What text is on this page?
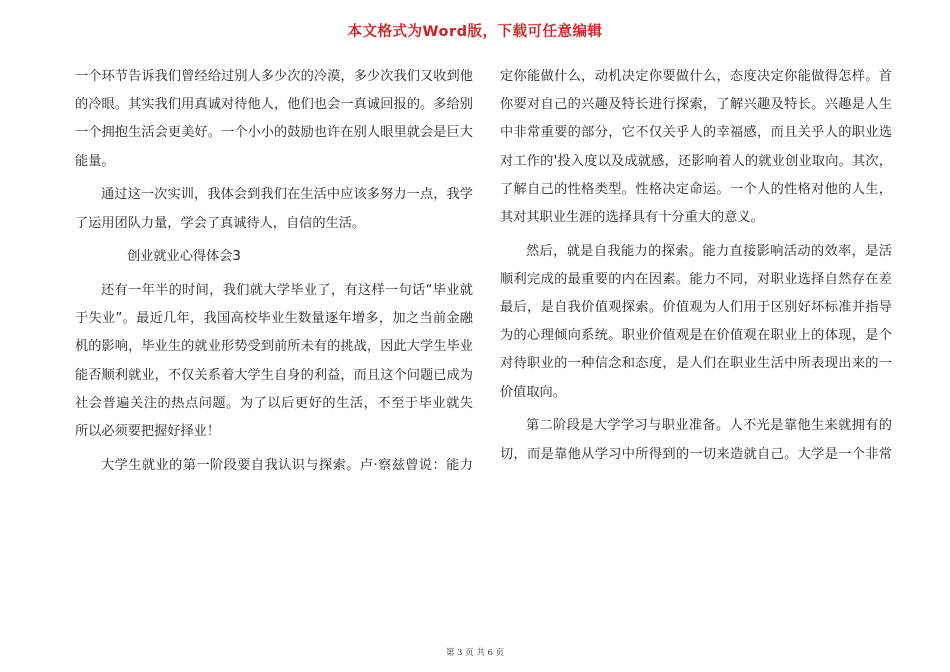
本文格式为Word版，下载可任意编辑
一个环节告诉我们曾经给过别人多少次的冷漠，多少次我们又收到他
的冷眼。其实我们用真诚对待他人，他们也会一真诚回报的。多给别
一个拥抱生活会更美好。一个小小的鼓励也许在别人眼里就会是巨大
能量。
通过这一次实训，我体会到我们在生活中应该多努力一点，我学
了运用团队力量，学会了真诚待人，自信的生活。
创业就业心得体会3
还有一年半的时间，我们就大学毕业了，有这样一句话“毕业就
于失业”。最近几年，我国高校毕业生数量逐年增多，加之当前金融
机的影响，毕业生的就业形势受到前所未有的挑战，因此大学生毕业
能否顺利就业，不仅关系着大学生自身的利益，而且这个问题已成为
社会普遍关注的热点问题。为了以后更好的生活，不至于毕业就失
所以必须要把握好择业！
大学生就业的第一阶段要自我认识与探索。卢·察兹曾说：能力
定你能做什么，动机决定你要做什么，态度决定你能做得怎样。首
你要对自己的兴趣及特长进行探索，了解兴趣及特长。兴趣是人生
中非常重要的部分，它不仅关乎人的幸福感，而且关乎人的职业选
对工作的'投入度以及成就感，还影响着人的就业创业取向。其次，
了解自己的性格类型。性格决定命运。一个人的性格对他的人生，
其对其职业生涯的选择具有十分重大的意义。
然后，就是自我能力的探索。能力直接影响活动的效率，是活
顺利完成的最重要的内在因素。能力不同，对职业选择自然存在差
最后，是自我价值观探索。价值观为人们用于区别好坏标准并指导
为的心理倾向系统。职业价值观是在价值观在职业上的体现，是个
对待职业的一种信念和态度，是人们在职业生活中所表现出来的一
价值取向。
第二阶段是大学学习与职业准备。人不光是靠他生来就拥有的
切，而是靠他从学习中所得到的一切来造就自己。大学是一个非常
第 3 页 共 6 页
